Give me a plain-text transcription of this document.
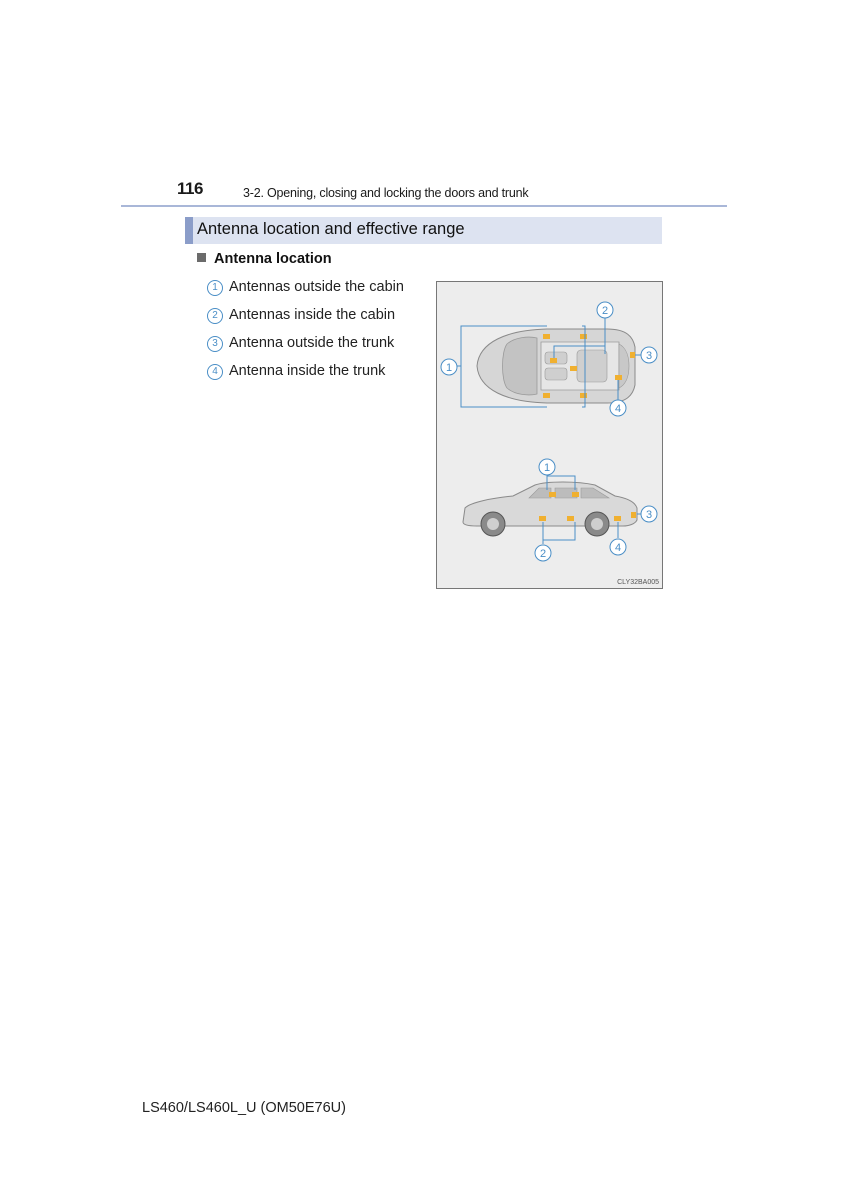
116	3-2. Opening, closing and locking the doors and trunk
Antenna location and effective range
Antenna location
1 Antennas outside the cabin
2 Antennas inside the cabin
3 Antenna outside the trunk
4 Antenna inside the trunk	1
2
3
4
1
2
3
4
CLY32BA005
LS460/LS460L_U (OM50E76U)
